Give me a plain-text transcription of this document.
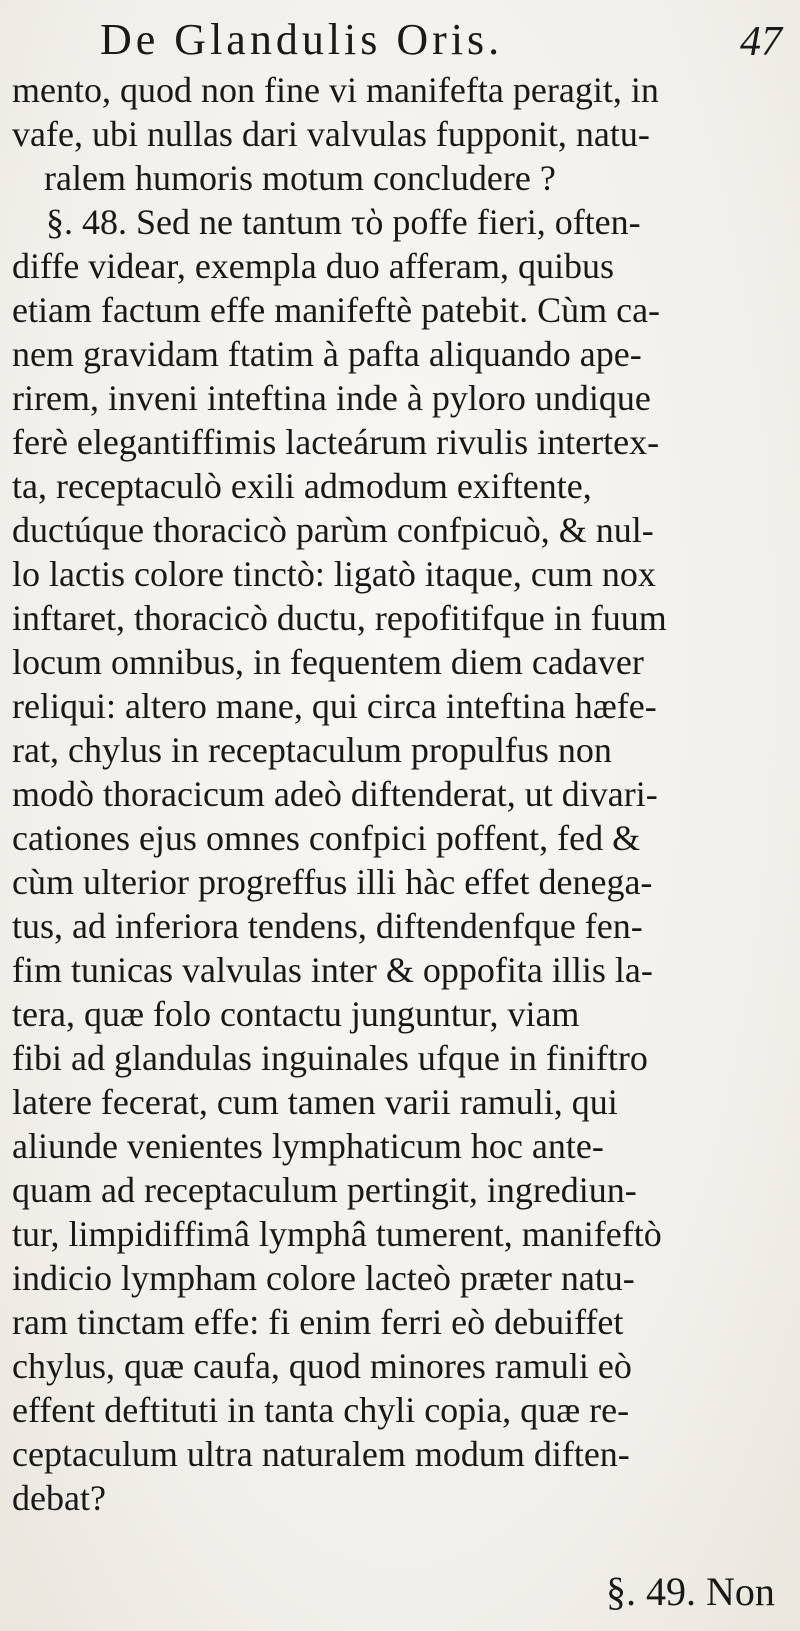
De Glandulis Oris.	47
mento, quod non fine vi manifefta peragit, in
vafe, ubi nullas dari valvulas fupponit, natu-
ralem humoris motum concludere ?
§. 48. Sed ne tantum τὸ poffe fieri, often-
diffe videar, exempla duo afferam, quibus
etiam factum effe manifeftè patebit. Cùm ca-
nem gravidam ftatim à pafta aliquando ape-
rirem, inveni inteftina inde à pyloro undique
ferè elegantiffimis lacteárum rivulis intertex-
ta, receptaculò exili admodum exiftente,
ductúque thoracicò parùm confpicuò, & nul-
lo lactis colore tinctò: ligatò itaque, cum nox
inftaret, thoracicò ductu, repofitifque in fuum
locum omnibus, in fequentem diem cadaver
reliqui: altero mane, qui circa inteftina hæfe-
rat, chylus in receptaculum propulfus non
modò thoracicum adeò diftenderat, ut divari-
cationes ejus omnes confpici poffent, fed &
cùm ulterior progreffus illi hàc effet denega-
tus, ad inferiora tendens, diftendenfque fen-
fim tunicas valvulas inter & oppofita illis la-
tera, quæ folo contactu junguntur, viam
fibi ad glandulas inguinales ufque in finiftro
latere fecerat, cum tamen varii ramuli, qui
aliunde venientes lymphaticum hoc ante-
quam ad receptaculum pertingit, ingrediun-
tur, limpidiffimâ lymphâ tumerent, manifeftò
indicio lympham colore lacteò præter natu-
ram tinctam effe: fi enim ferri eò debuiffet
chylus, quæ caufa, quod minores ramuli eò
effent deftituti in tanta chyli copia, quæ re-
ceptaculum ultra naturalem modum diften-
debat?
§. 49. Non
